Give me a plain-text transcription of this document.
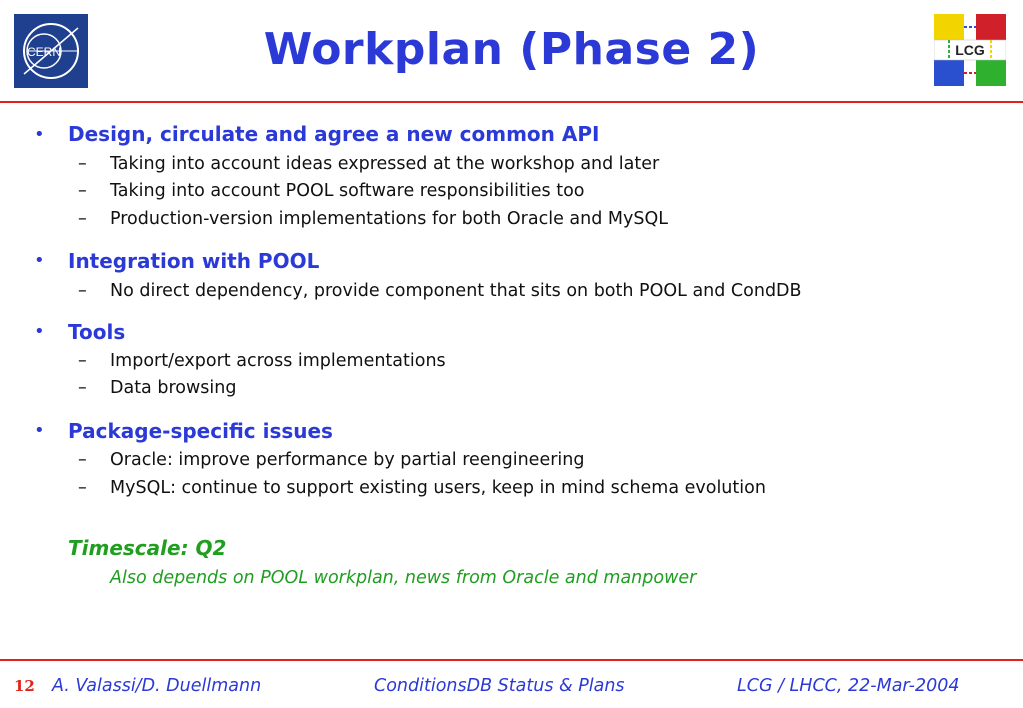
CERN	LCG
Workplan (Phase 2)
• Design, circulate and agree a new common API
– Taking into account ideas expressed at the workshop and later
– Taking into account POOL software responsibilities too
– Production-version implementations for both Oracle and MySQL
• Integration with POOL
– No direct dependency, provide component that sits on both POOL and CondDB
• Tools
– Import/export across implementations
– Data browsing
• Package-specific issues
– Oracle: improve performance by partial reengineering
– MySQL: continue to support existing users, keep in mind schema evolution
Timescale: Q2
Also depends on POOL workplan, news from Oracle and manpower
12 A. Valassi/D. Duellmann	ConditionsDB Status & Plans	LCG / LHCC, 22-Mar-2004
